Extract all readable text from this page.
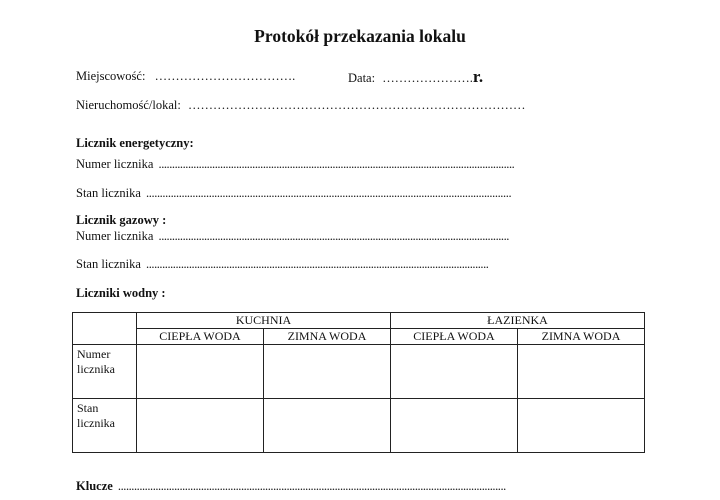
Protokół przekazania lokalu
Miejscowość: …………………………….	Data: ………………….r.
Nieruchomość/lokal: ………………………………………………………………………
Licznik energetyczny:
Numer licznika .....................................................................................................................................
Stan licznika ......................................................................................................................................
Licznik gazowy :
Numer licznika ...................................................................................................................................
Stan licznika ................................................................................................................................
Liczniki wodny :
	KUCHNIA		ŁAZIENKA	
	CIEPŁA WODA	ZIMNA WODA	CIEPŁA WODA	ZIMNA WODA
Numer licznika				
Stan licznika				
Klucze .................................................................................................................................................
